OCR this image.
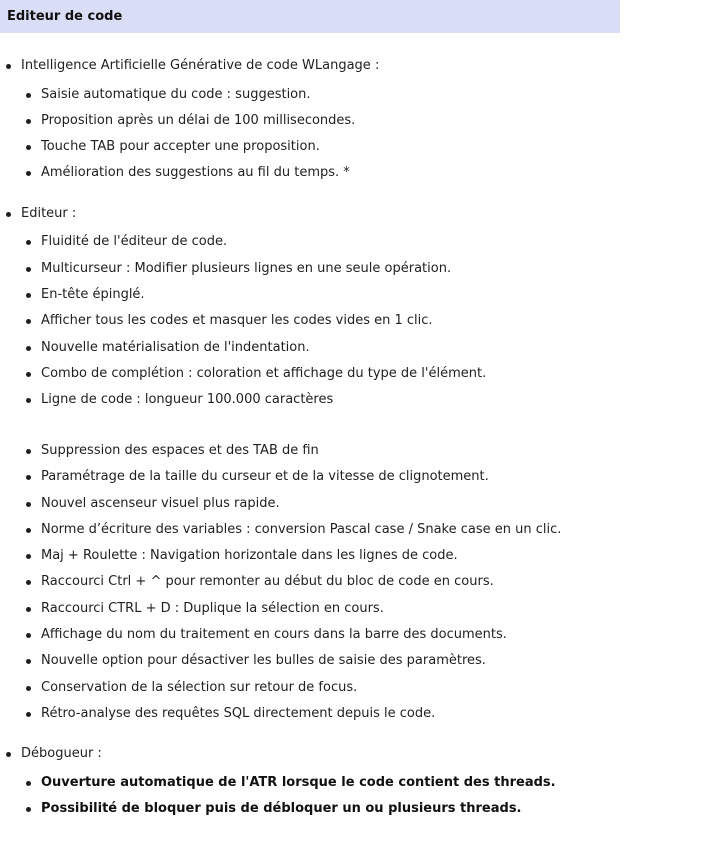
Editeur de code
Intelligence Artificielle Générative de code WLangage :
Saisie automatique du code : suggestion.
Proposition après un délai de 100 millisecondes.
Touche TAB pour accepter une proposition.
Amélioration des suggestions au fil du temps. *
Editeur :
Fluidité de l'éditeur de code.
Multicurseur : Modifier plusieurs lignes en une seule opération.
En-tête épinglé.
Afficher tous les codes et masquer les codes vides en 1 clic.
Nouvelle matérialisation de l'indentation.
Combo de complétion : coloration et affichage du type de l'élément.
Ligne de code : longueur 100.000 caractères
Suppression des espaces et des TAB de fin
Paramétrage de la taille du curseur et de la vitesse de clignotement.
Nouvel ascenseur visuel plus rapide.
Norme d’écriture des variables : conversion Pascal case / Snake case en un clic.
Maj + Roulette : Navigation horizontale dans les lignes de code.
Raccourci Ctrl + ^ pour remonter au début du bloc de code en cours.
Raccourci CTRL + D : Duplique la sélection en cours.
Affichage du nom du traitement en cours dans la barre des documents.
Nouvelle option pour désactiver les bulles de saisie des paramètres.
Conservation de la sélection sur retour de focus.
Rétro-analyse des requêtes SQL directement depuis le code.
Débogueur :
Ouverture automatique de l'ATR lorsque le code contient des threads.
Possibilité de bloquer puis de débloquer un ou plusieurs threads.
